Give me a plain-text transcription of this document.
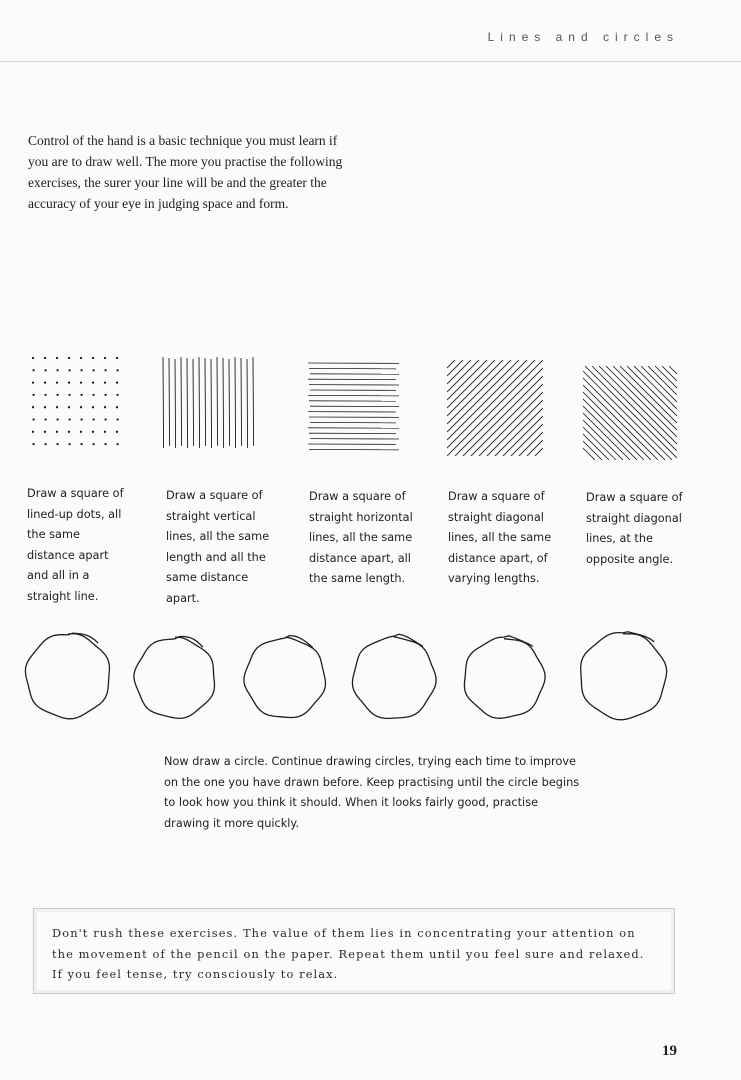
Lines and circles

Control of the hand is a basic technique you must learn if you are to draw well. The more you practise the following exercises, the surer your line will be and the greater the accuracy of your eye in judging space and form.

Draw a square of lined-up dots, all the same distance apart and all in a straight line.
Draw a square of straight vertical lines, all the same length and all the same distance apart.
Draw a square of straight horizontal lines, all the same distance apart, all the same length.
Draw a square of straight diagonal lines, all the same distance apart, of varying lengths.
Draw a square of straight diagonal lines, at the opposite angle.
Now draw a circle. Continue drawing circles, trying each time to improve on the one you have drawn before. Keep practising until the circle begins to look how you think it should. When it looks fairly good, practise drawing it more quickly.
Don't rush these exercises. The value of them lies in concentrating your attention on the movement of the pencil on the paper. Repeat them until you feel sure and relaxed. If you feel tense, try consciously to relax.
19
